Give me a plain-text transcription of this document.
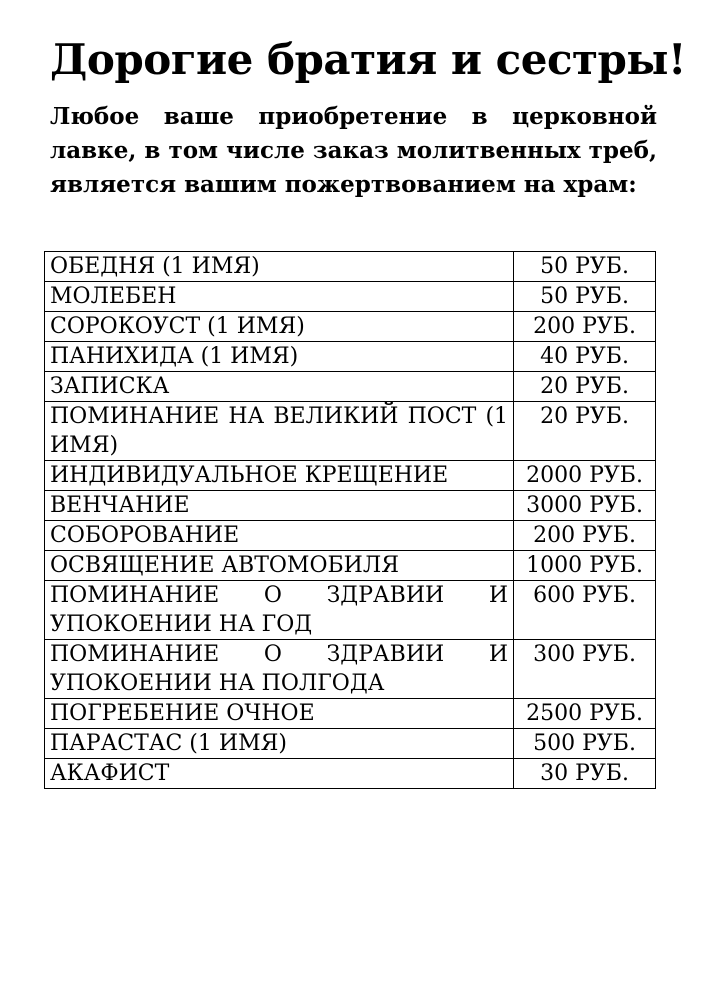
Дорогие братия и сестры!

Любое ваше приобретение в церковной лавке, в том числе заказ молитвенных треб, является вашим пожертвованием на храм:

ОБЕДНЯ (1 ИМЯ)	50 РУБ.
МОЛЕБЕН	50 РУБ.
СОРОКОУСТ (1 ИМЯ)	200 РУБ.
ПАНИХИДА (1 ИМЯ)	40 РУБ.
ЗАПИСКА	20 РУБ.
ПОМИНАНИЕ НА ВЕЛИКИЙ ПОСТ (1 ИМЯ)	20 РУБ.
ИНДИВИДУАЛЬНОЕ КРЕЩЕНИЕ	2000 РУБ.
ВЕНЧАНИЕ	3000 РУБ.
СОБОРОВАНИЕ	200 РУБ.
ОСВЯЩЕНИЕ АВТОМОБИЛЯ	1000 РУБ.
ПОМИНАНИЕ О ЗДРАВИИ И УПОКОЕНИИ НА ГОД	600 РУБ.
ПОМИНАНИЕ О ЗДРАВИИ И УПОКОЕНИИ НА ПОЛГОДА	300 РУБ.
ПОГРЕБЕНИЕ ОЧНОЕ	2500 РУБ.
ПАРАСТАС (1 ИМЯ)	500 РУБ.
АКАФИСТ	30 РУБ.
